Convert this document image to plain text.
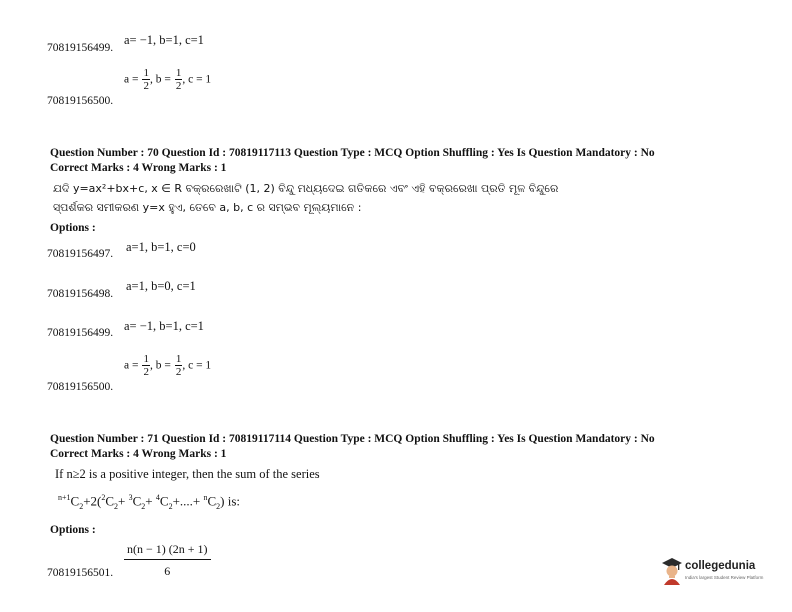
70819156499.
a= −1, b=1, c=1
$a = \frac{1}{2}$ , $b = \frac{1}{2}$ , c = 1
70819156500.
Question Number : 70 Question Id : 70819117113 Question Type : MCQ Option Shuffling : Yes Is Question Mandatory : No
Correct Marks : 4 Wrong Marks : 1
ଯଦି y=ax²+bx+c, x ∈ R ବକ୍ରରେଖାଟି (1, 2) ବିନ୍ଦୁ ମଧ୍ୟଦେଇ ଗତିକରେ ଏବଂ ଏହି ବକ୍ରରେଖା ପ୍ରତି ମୂଳ ବିନ୍ଦୁରେ
ସ୍ପର୍ଶକର ସମୀକରଣ y=x ହୁଏ, ତେବେ a, b, c ର ସମ୍ଭବ ମୂଲ୍ୟମାନେ :
Options :
70819156497. a=1, b=1, c=0
70819156498.
a=1, b=0, c=1
70819156499. a= −1, b=1, c=1
$a = \frac{1}{2}$ , $b = \frac{1}{2}$ , c = 1
70819156500.
Question Number : 71 Question Id : 70819117114 Question Type : MCQ Option Shuffling : Yes Is Question Mandatory : No
Correct Marks : 4 Wrong Marks : 1
If n≥2 is a positive integer, then the sum of the series
$^{n+1}C_2+2(^2C_2+ ^3C_2+ ^4C_2+....+ ^nC_2)$ is:
Options :
$\frac{n(n - 1) (2n + 1)}{6}$
70819156501.
collegedunia
India's largest Student Review Platform
